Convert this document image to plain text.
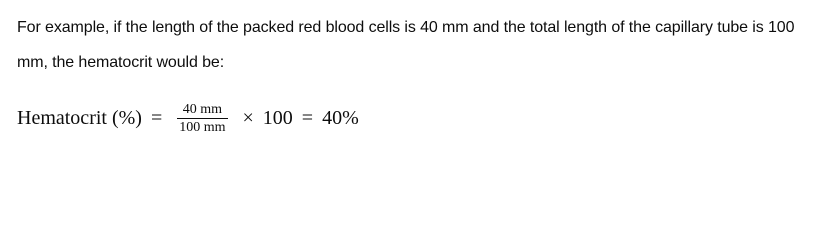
For example, if the length of the packed red blood cells is 40 mm and the total length of the capillary tube is 100 mm, the hematocrit would be:

Hematocrit (%) = $\frac{40 mm}{100 mm} \times 100 = 40\%$
